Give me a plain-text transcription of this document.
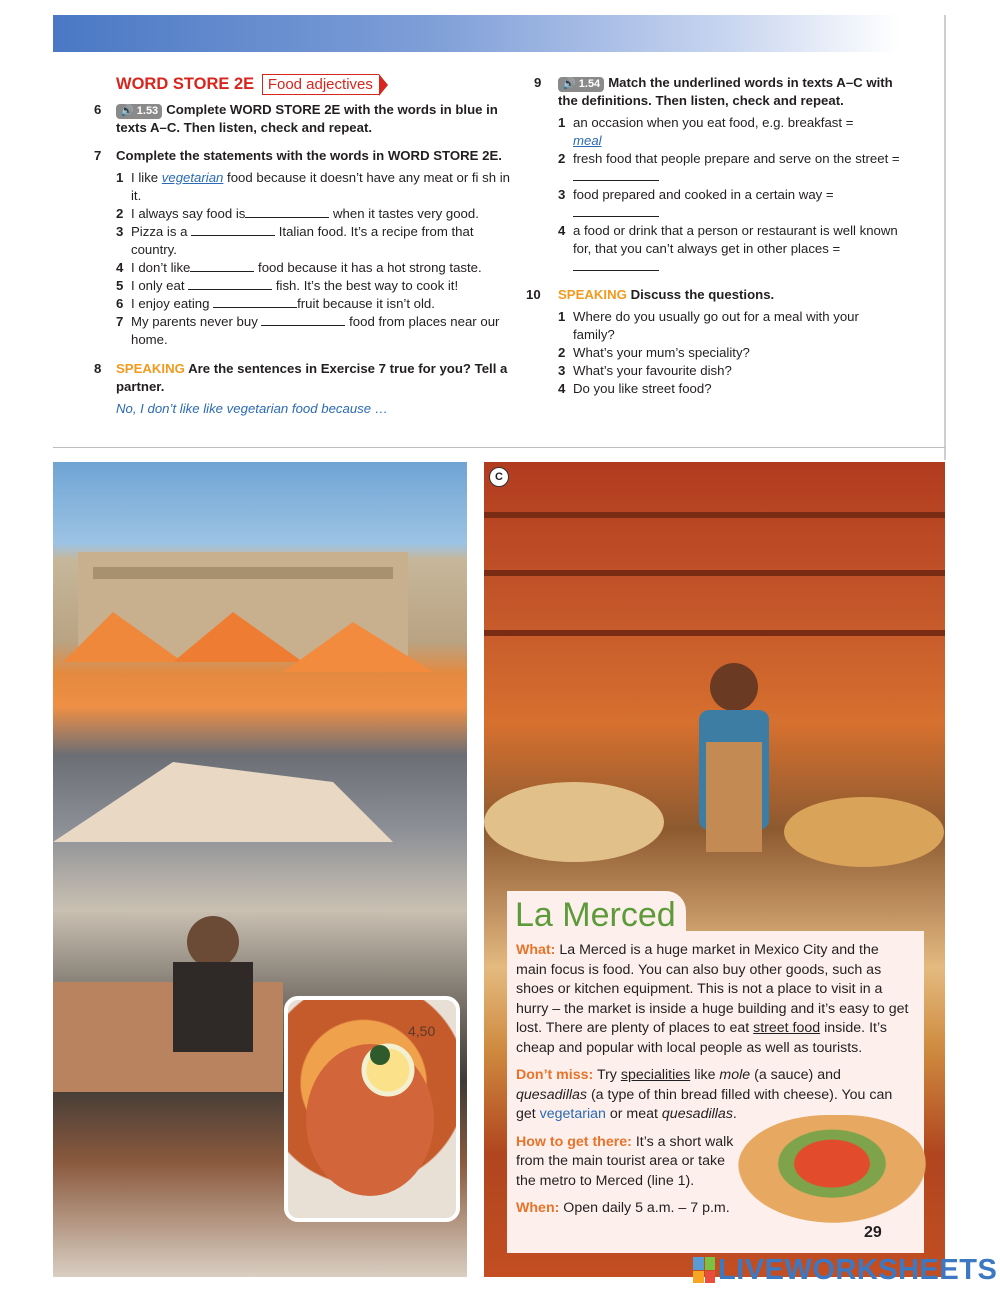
WORD STORE 2E Food adjectives
6 🔊 1.53 Complete WORD STORE 2E with the words in blue in texts A–C. Then listen, check and repeat.
7 Complete the statements with the words in WORD STORE 2E.
1 I like vegetarian food because it doesn’t have any meat or fi sh in it.
2 I always say food is	when it tastes very good.
3 Pizza is a	Italian food. It’s a recipe from that country.
4 I don’t like	food because it has a hot strong taste.
5 I only eat	fish. It’s the best way to cook it!
6 I enjoy eating	fruit because it isn’t old.
7 My parents never buy	food from places near our home.
8 SPEAKING Are the sentences in Exercise 7 true for you? Tell a partner.
No, I don’t like like vegetarian food because …
9 🔊 1.54 Match the underlined words in texts A–C with the definitions. Then listen, check and repeat.
1 an occasion when you eat food, e.g. breakfast =
meal
2 fresh food that people prepare and serve on the street =
3 food prepared and cooked in a certain way =

4 a food or drink that a person or restaurant is well known for, that you can’t always get in other places =
10 SPEAKING Discuss the questions.
1 Where do you usually go out for a meal with your family?
2 What’s your mum’s speciality?
3 What’s your favourite dish?
4 Do you like street food?
4,50
C
La Merced

What: La Merced is a huge market in Mexico City and the main focus is food. You can also buy other goods, such as shoes or kitchen equipment. This is not a place to visit in a hurry – the market is inside a huge building and it’s easy to get lost. There are plenty of places to eat street food inside. It’s cheap and popular with local people as well as tourists.

Don’t miss: Try specialities like mole (a sauce) and quesadillas (a type of thin bread filled with cheese). You can get vegetarian or meat quesadillas.

How to get there: It’s a short walk from the main tourist area or take the metro to Merced (line 1).

When: Open daily 5 a.m. – 7 p.m.

29
LIVEWORKSHEETS
